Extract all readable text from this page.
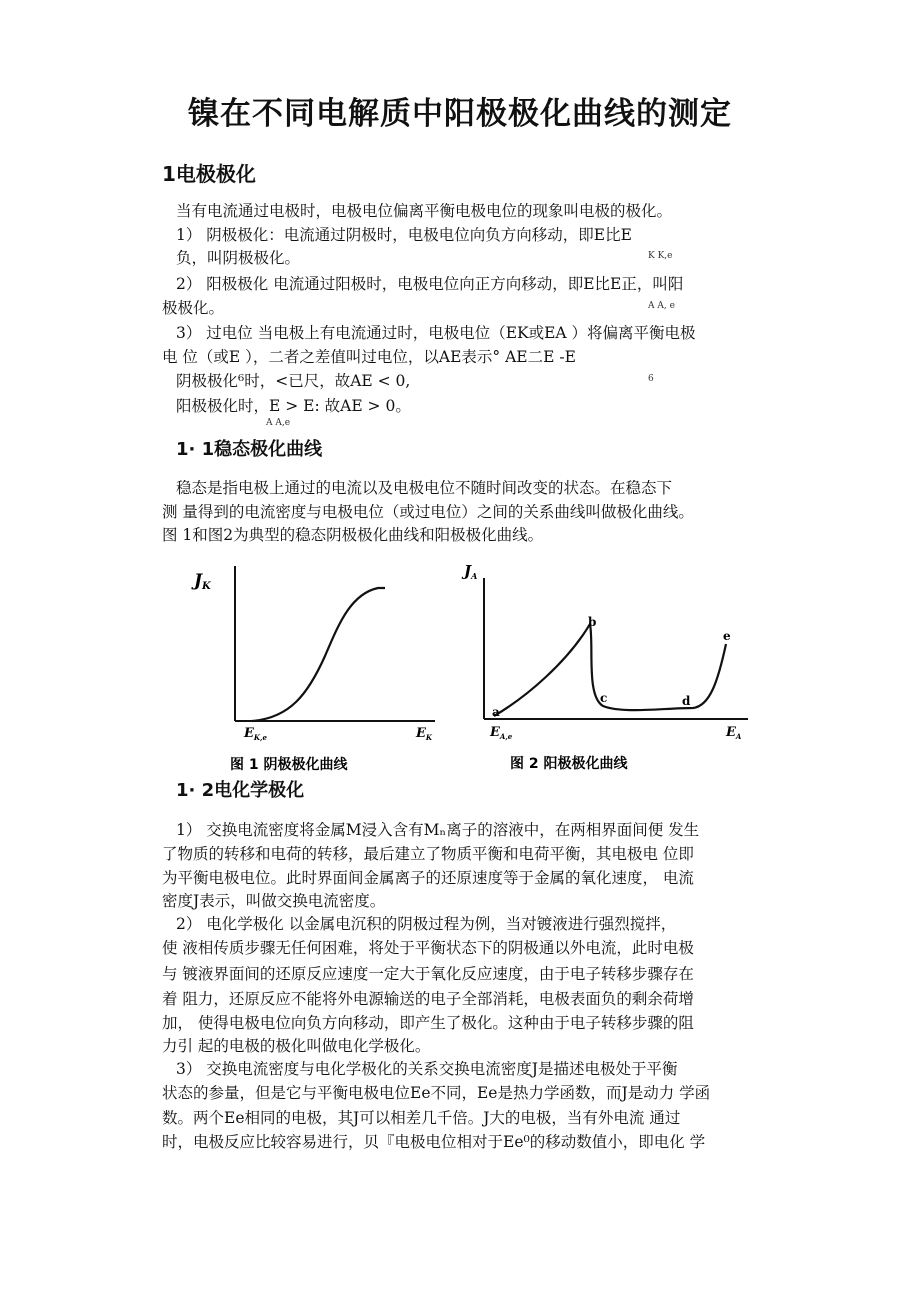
镍在不同电解质中阳极极化曲线的测定
1电极极化
当有电流通过电极时，电极电位偏离平衡电极电位的现象叫电极的极化。
1） 阴极极化：电流通过阴极时，电极电位向负方向移动，即E比E
K K,e
负，叫阴极极化。
2） 阳极极化 电流通过阳极时，电极电位向正方向移动，即E比E正，叫阳
极极化。	A A, e
3） 过电位 当电极上有电流通过时，电极电位（EK或EA ）将偏离平衡电极
电 位（或E ），二者之差值叫过电位，以AE表示° AE二E -E
阴极极化⁶时，<已尺，故AE < 0,	6
阳极极化时，E > E: 故AE > 0。
A A,e
1· 1稳态极化曲线
稳态是指电极上通过的电流以及电极电位不随时间改变的状态。在稳态下
测 量得到的电流密度与电极电位（或过电位）之间的关系曲线叫做极化曲线。
图 1和图2为典型的稳态阴极极化曲线和阳极极化曲线。
JK
$E_{K,e}$	$E_K$
图 1 阴极极化曲线
$J_A$
a
b
c	d
e
$E_{A,e}$	$E_A$
图 2 阳极极化曲线
1· 2电化学极化
1） 交换电流密度将金属M浸入含有Mₙ离子的溶液中，在两相界面间便 发生
了物质的转移和电荷的转移，最后建立了物质平衡和电荷平衡，其电极电 位即
为平衡电极电位。此时界面间金属离子的还原速度等于金属的氧化速度， 电流
密度J表示，叫做交换电流密度。
2） 电化学极化 以金属电沉积的阴极过程为例，当对镀液进行强烈搅拌，
使 液相传质步骤无任何困难，将处于平衡状态下的阴极通以外电流，此时电极
与 镀液界面间的还原反应速度一定大于氧化反应速度，由于电子转移步骤存在
着 阻力，还原反应不能将外电源输送的电子全部消耗，电极表面负的剩余荷增
加， 使得电极电位向负方向移动，即产生了极化。这种由于电子转移步骤的阻
力引 起的电极的极化叫做电化学极化。
3） 交换电流密度与电化学极化的关系交换电流密度J是描述电极处于平衡
状态的参量，但是它与平衡电极电位Ee不同，Ee是热力学函数，而J是动力 学函
数。两个Ee相同的电极，其J可以相差几千倍。J大的电极，当有外电流 通过
时，电极反应比较容易进行，贝『电极电位相对于Ee⁰的移动数值小，即电化 学
